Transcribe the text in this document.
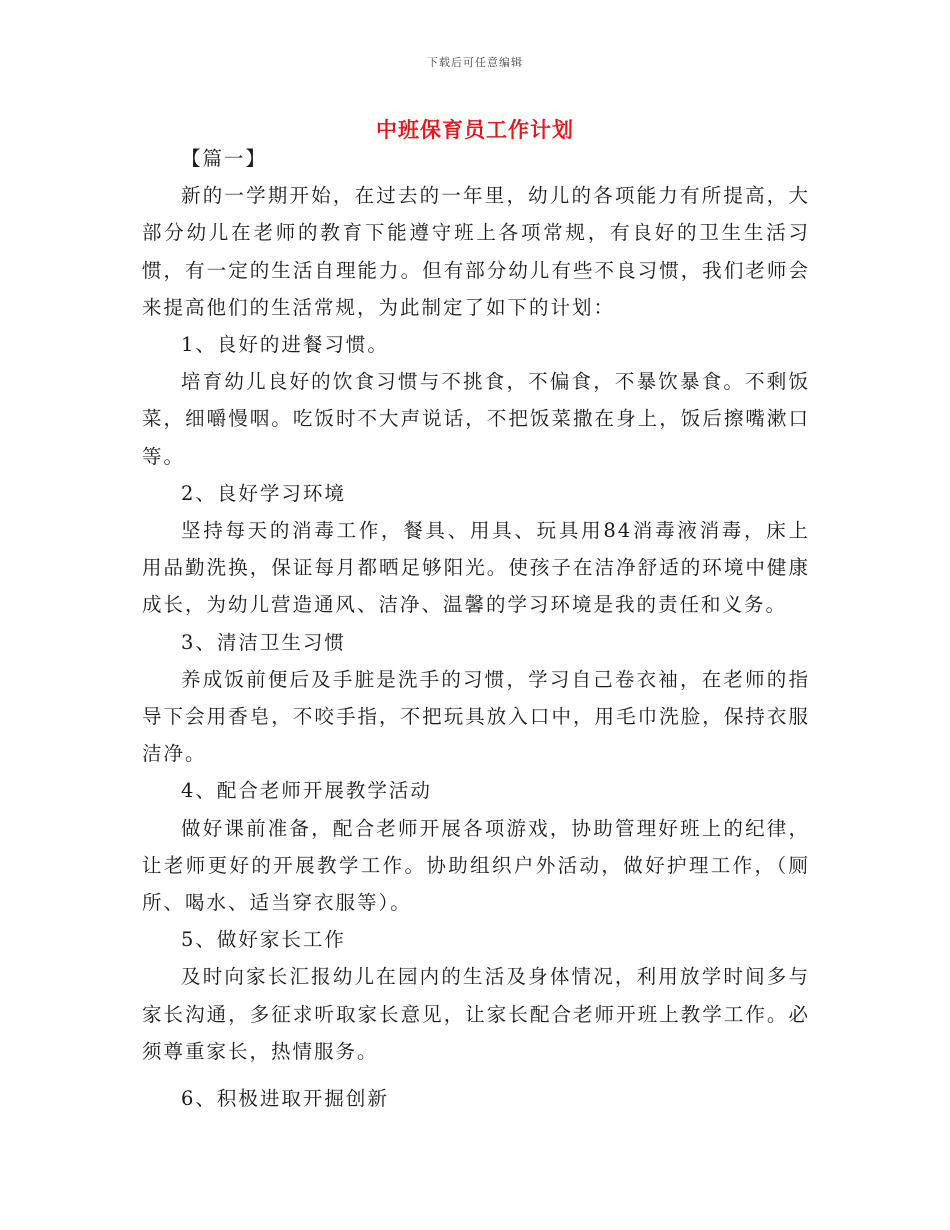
下载后可任意编辑
中班保育员工作计划

【篇一】

新的一学期开始，在过去的一年里，幼儿的各项能力有所提高，大部分幼儿在老师的教育下能遵守班上各项常规，有良好的卫生生活习惯，有一定的生活自理能力。但有部分幼儿有些不良习惯，我们老师会来提高他们的生活常规，为此制定了如下的计划：

1、良好的进餐习惯。

培育幼儿良好的饮食习惯与不挑食，不偏食，不暴饮暴食。不剩饭菜，细嚼慢咽。吃饭时不大声说话，不把饭菜撒在身上，饭后擦嘴漱口等。

2、良好学习环境

坚持每天的消毒工作，餐具、用具、玩具用84消毒液消毒，床上用品勤洗换，保证每月都晒足够阳光。使孩子在洁净舒适的环境中健康成长，为幼儿营造通风、洁净、温馨的学习环境是我的责任和义务。

3、清洁卫生习惯

养成饭前便后及手脏是洗手的习惯，学习自己卷衣袖，在老师的指导下会用香皂，不咬手指，不把玩具放入口中，用毛巾洗脸，保持衣服洁净。

4、配合老师开展教学活动

做好课前准备，配合老师开展各项游戏，协助管理好班上的纪律，让老师更好的开展教学工作。协助组织户外活动，做好护理工作，（厕所、喝水、适当穿衣服等）。

5、做好家长工作

及时向家长汇报幼儿在园内的生活及身体情况，利用放学时间多与家长沟通，多征求听取家长意见，让家长配合老师开班上教学工作。必须尊重家长，热情服务。

6、积极进取开掘创新
